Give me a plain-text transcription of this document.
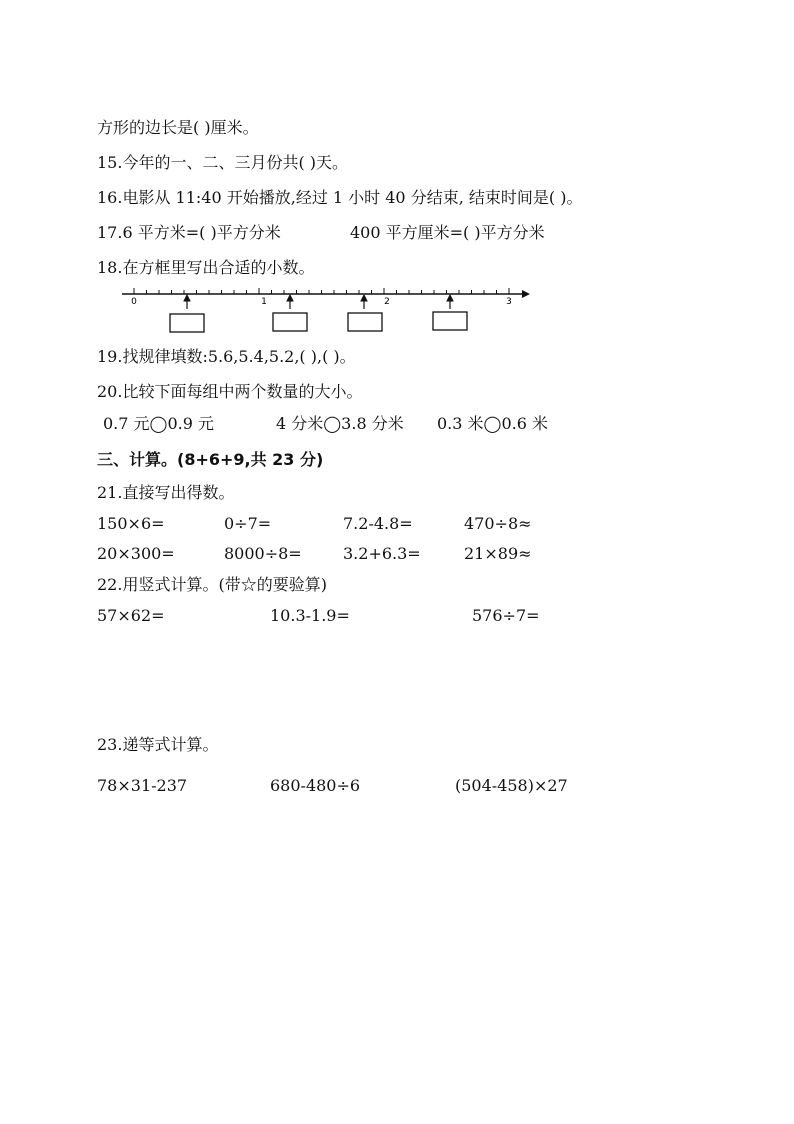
方形的边长是( )厘米。
15.今年的一、二、三月份共( )天。
16.电影从 11:40 开始播放,经过 1 小时 40 分结束, 结束时间是( )。
17.6 平方米=( )平方分米	400 平方厘米=( )平方分米
18.在方框里写出合适的小数。
0	1	2	3
19.找规律填数:5.6,5.4,5.2,( ),( )。
20.比较下面每组中两个数量的大小。
0.7 元◯0.9 元	4 分米◯3.8 分米 0.3 米◯0.6 米
三、计算。(8+6+9,共 23 分)
21.直接写出得数。
150×6=	0÷7=	7.2-4.8=	470÷8≈
20×300=	8000÷8=	3.2+6.3=	21×89≈
22.用竖式计算。(带☆的要验算)
57×62=	10.3-1.9=	576÷7=
23.递等式计算。
78×31-237	680-480÷6	(504-458)×27
